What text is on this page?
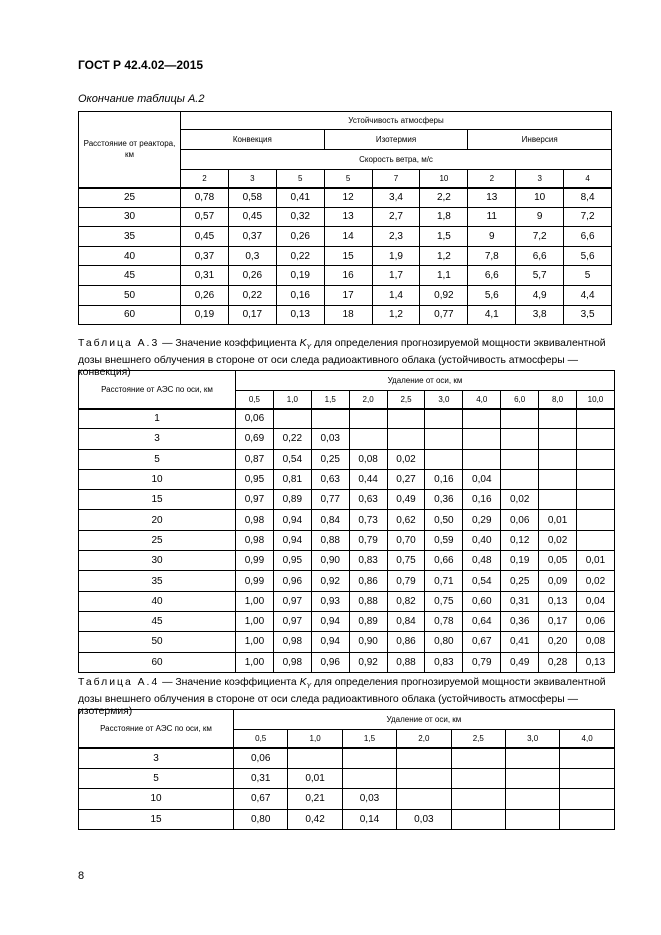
ГОСТ Р 42.4.02—2015
Окончание таблицы А.2
Расстояние от реактора, км	Устойчивость атмосферы								
	Конвекция			Изотермия			Инверсия		
	Скорость ветра, м/с								
	2	3	5	5	7	10	2	3	4
25	0,78	0,58	0,41	12	3,4	2,2	13	10	8,4
30	0,57	0,45	0,32	13	2,7	1,8	11	9	7,2
35	0,45	0,37	0,26	14	2,3	1,5	9	7,2	6,6
40	0,37	0,3	0,22	15	1,9	1,2	7,8	6,6	5,6
45	0,31	0,26	0,19	16	1,7	1,1	6,6	5,7	5
50	0,26	0,22	0,16	17	1,4	0,92	5,6	4,9	4,4
60	0,19	0,17	0,13	18	1,2	0,77	4,1	3,8	3,5
Таблица А.3 — Значение коэффициента $K_Y$ для определения прогнозируемой мощности эквивалентной дозы внешнего облучения в стороне от оси следа радиоактивного облака (устойчивость атмосферы — конвекция)
Расстояние от АЭС по оси, км	Удаление от оси, км									
	0,5	1,0	1,5	2,0	2,5	3,0	4,0	6,0	8,0	10,0
1	0,06									
3	0,69	0,22	0,03							
5	0,87	0,54	0,25	0,08	0,02					
10	0,95	0,81	0,63	0,44	0,27	0,16	0,04			
15	0,97	0,89	0,77	0,63	0,49	0,36	0,16	0,02		
20	0,98	0,94	0,84	0,73	0,62	0,50	0,29	0,06	0,01	
25	0,98	0,94	0,88	0,79	0,70	0,59	0,40	0,12	0,02	
30	0,99	0,95	0,90	0,83	0,75	0,66	0,48	0,19	0,05	0,01
35	0,99	0,96	0,92	0,86	0,79	0,71	0,54	0,25	0,09	0,02
40	1,00	0,97	0,93	0,88	0,82	0,75	0,60	0,31	0,13	0,04
45	1,00	0,97	0,94	0,89	0,84	0,78	0,64	0,36	0,17	0,06
50	1,00	0,98	0,94	0,90	0,86	0,80	0,67	0,41	0,20	0,08
60	1,00	0,98	0,96	0,92	0,88	0,83	0,79	0,49	0,28	0,13
Таблица А.4 — Значение коэффициента $K_Y$ для определения прогнозируемой мощности эквивалентной дозы внешнего облучения в стороне от оси следа радиоактивного облака (устойчивость атмосферы — изотермия)
Расстояние от АЭС по оси, км	Удаление от оси, км						
	0,5	1,0	1,5	2,0	2,5	3,0	4,0
3	0,06						
5	0,31	0,01					
10	0,67	0,21	0,03				
15	0,80	0,42	0,14	0,03			
8
